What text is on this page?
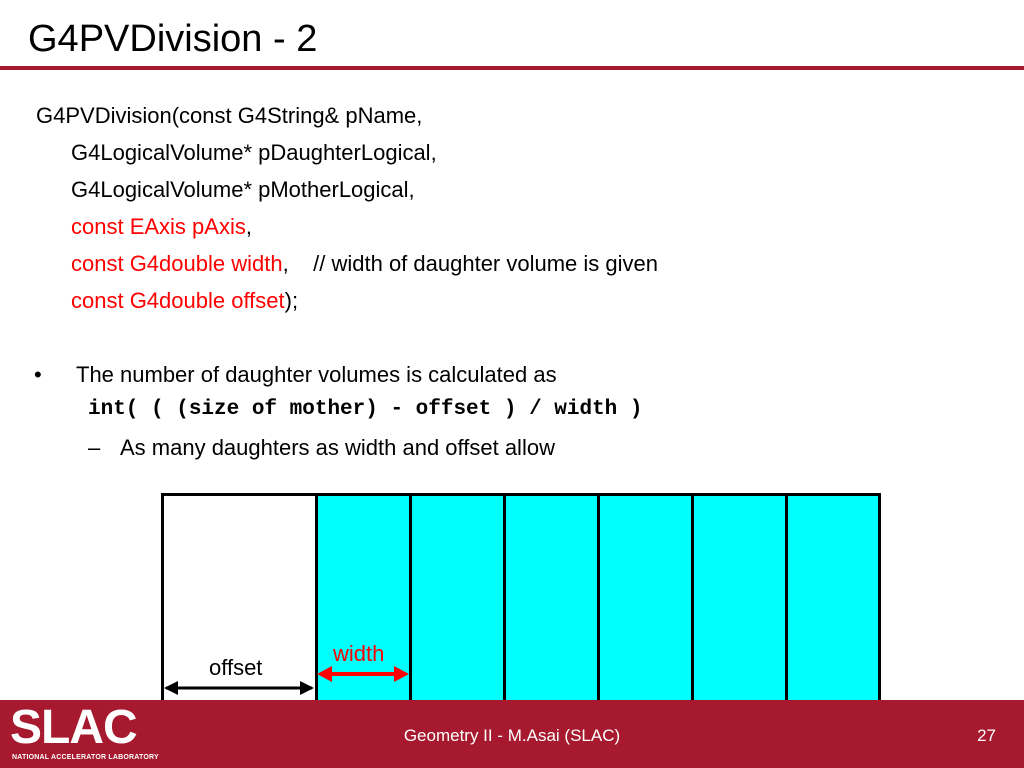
G4PVDivision - 2
G4PVDivision(const G4String& pName,
G4LogicalVolume* pDaughterLogical,
G4LogicalVolume* pMotherLogical,
const EAxis pAxis,
const G4double width,    // width of daughter volume is given
const G4double offset);
• The number of daughter volumes is calculated as
int( ( (size of mother) - offset ) / width )
– As many daughters as width and offset allow
offset
width
Geometry II - M.Asai (SLAC)	27
SLAC
NATIONAL ACCELERATOR LABORATORY
